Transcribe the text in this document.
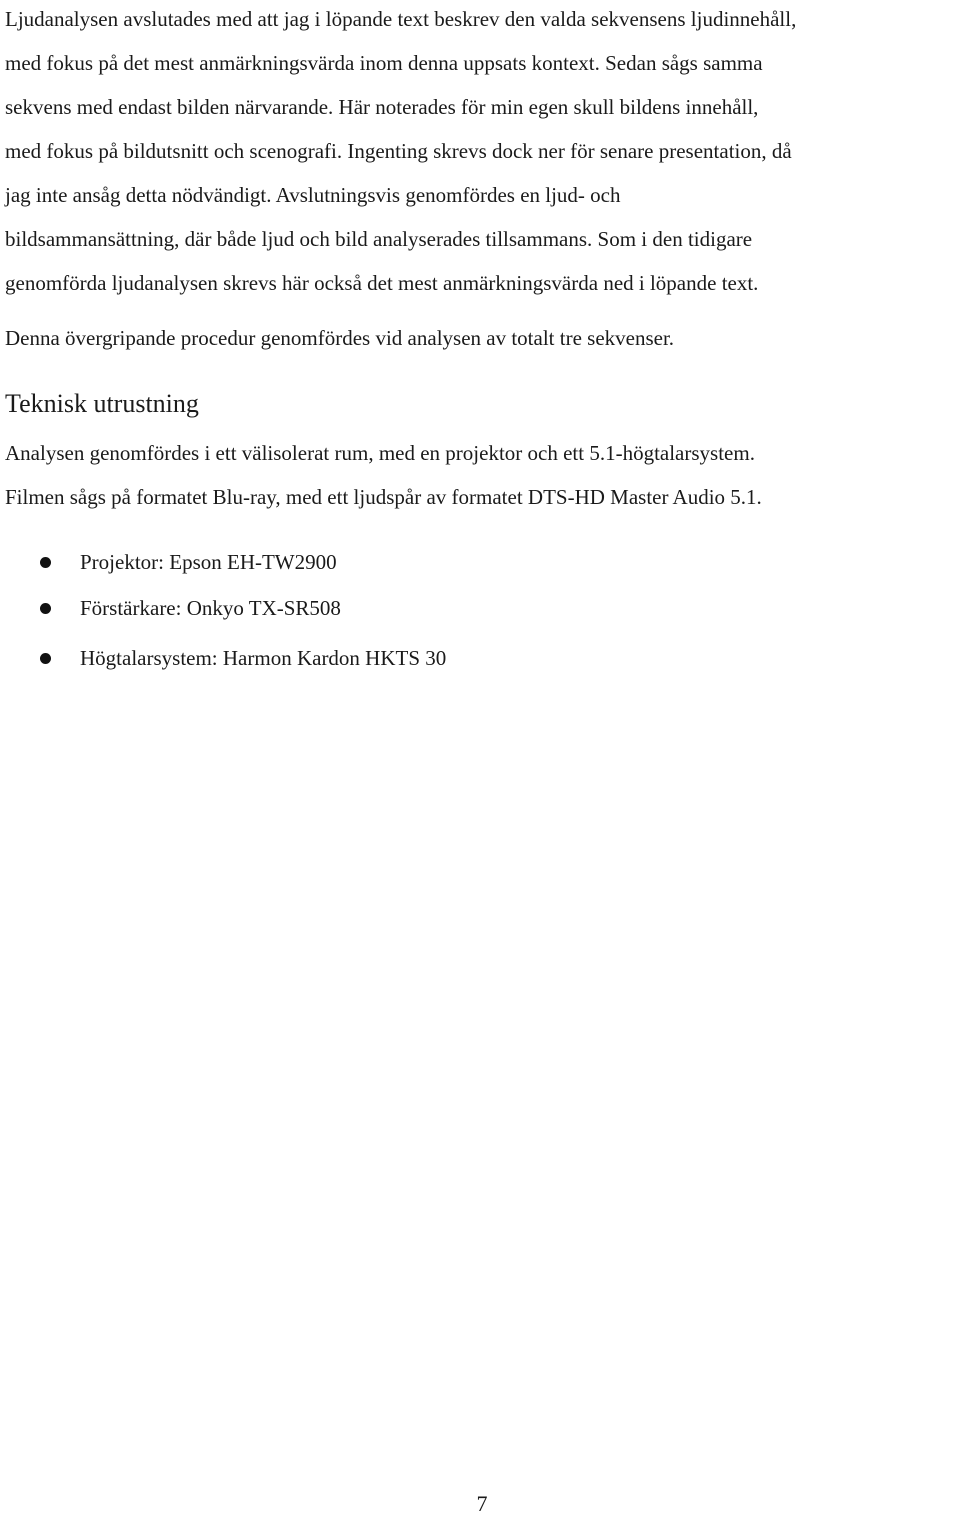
Ljudanalysen avslutades med att jag i löpande text beskrev den valda sekvensens ljudinnehåll,
med fokus på det mest anmärkningsvärda inom denna uppsats kontext. Sedan sågs samma
sekvens med endast bilden närvarande. Här noterades för min egen skull bildens innehåll,
med fokus på bildutsnitt och scenografi. Ingenting skrevs dock ner för senare presentation, då
jag inte ansåg detta nödvändigt. Avslutningsvis genomfördes en ljud- och
bildsammansättning, där både ljud och bild analyserades tillsammans. Som i den tidigare
genomförda ljudanalysen skrevs här också det mest anmärkningsvärda ned i löpande text.

Denna övergripande procedur genomfördes vid analysen av totalt tre sekvenser.

Teknisk utrustning

Analysen genomfördes i ett välisolerat rum, med en projektor och ett 5.1-högtalarsystem.
Filmen sågs på formatet Blu-ray, med ett ljudspår av formatet DTS-HD Master Audio 5.1.

Projektor: Epson EH-TW2900
Förstärkare: Onkyo TX-SR508
Högtalarsystem: Harmon Kardon HKTS 30
7
